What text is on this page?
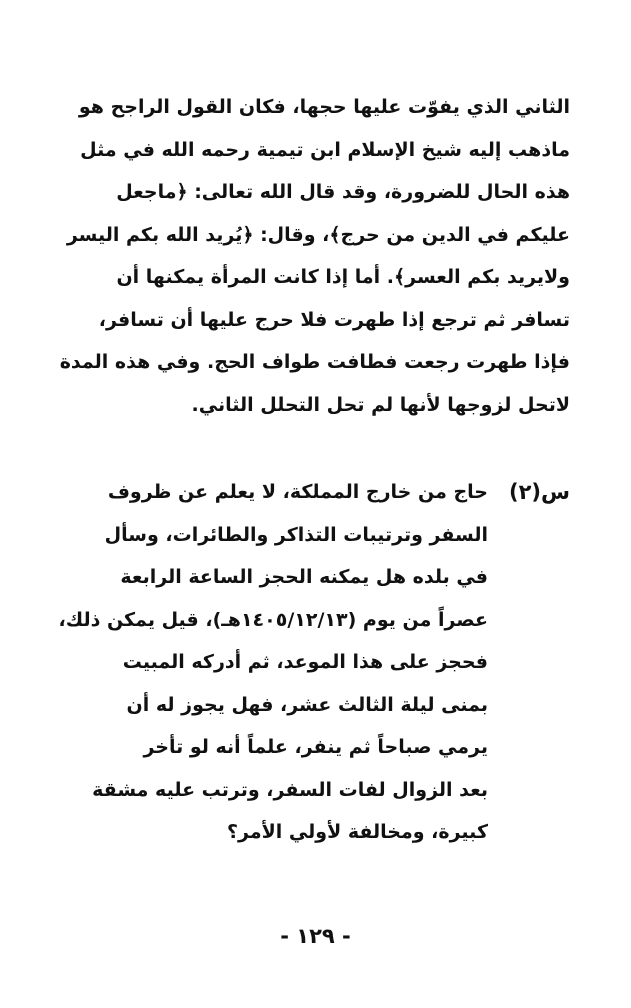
الثاني الذي يفوّت عليها حجها، فكان القول الراجح هو
ماذهب إليه شيخ الإسلام ابن تيمية رحمه الله في مثل
هذه الحال للضرورة، وقد قال الله تعالى: ﴿ماجعل
عليكم في الدين من حرج﴾، وقال: ﴿يُريد الله بكم اليسر
ولايريد بكم العسر﴾. أما إذا كانت المرأة يمكنها أن
تسافر ثم ترجع إذا طهرت فلا حرج عليها أن تسافر،
فإذا طهرت رجعت فطافت طواف الحج. وفي هذه المدة
لاتحل لزوجها لأنها لم تحل التحلل الثاني.
س(٢)
حاج من خارج المملكة، لا يعلم عن ظروف
السفر وترتيبات التذاكر والطائرات، وسأل
في بلده هل يمكنه الحجز الساعة الرابعة
عصراً من يوم (١٤٠٥/١٢/١٣هـ)، قيل يمكن ذلك،
فحجز على هذا الموعد، ثم أدركه المبيت
بمنى ليلة الثالث عشر، فهل يجوز له أن
يرمي صباحاً ثم ينفر، علماً أنه لو تأخر
بعد الزوال لفات السفر، وترتب عليه مشقة
كبيرة، ومخالفة لأولي الأمر؟
- ١٢٩ -
